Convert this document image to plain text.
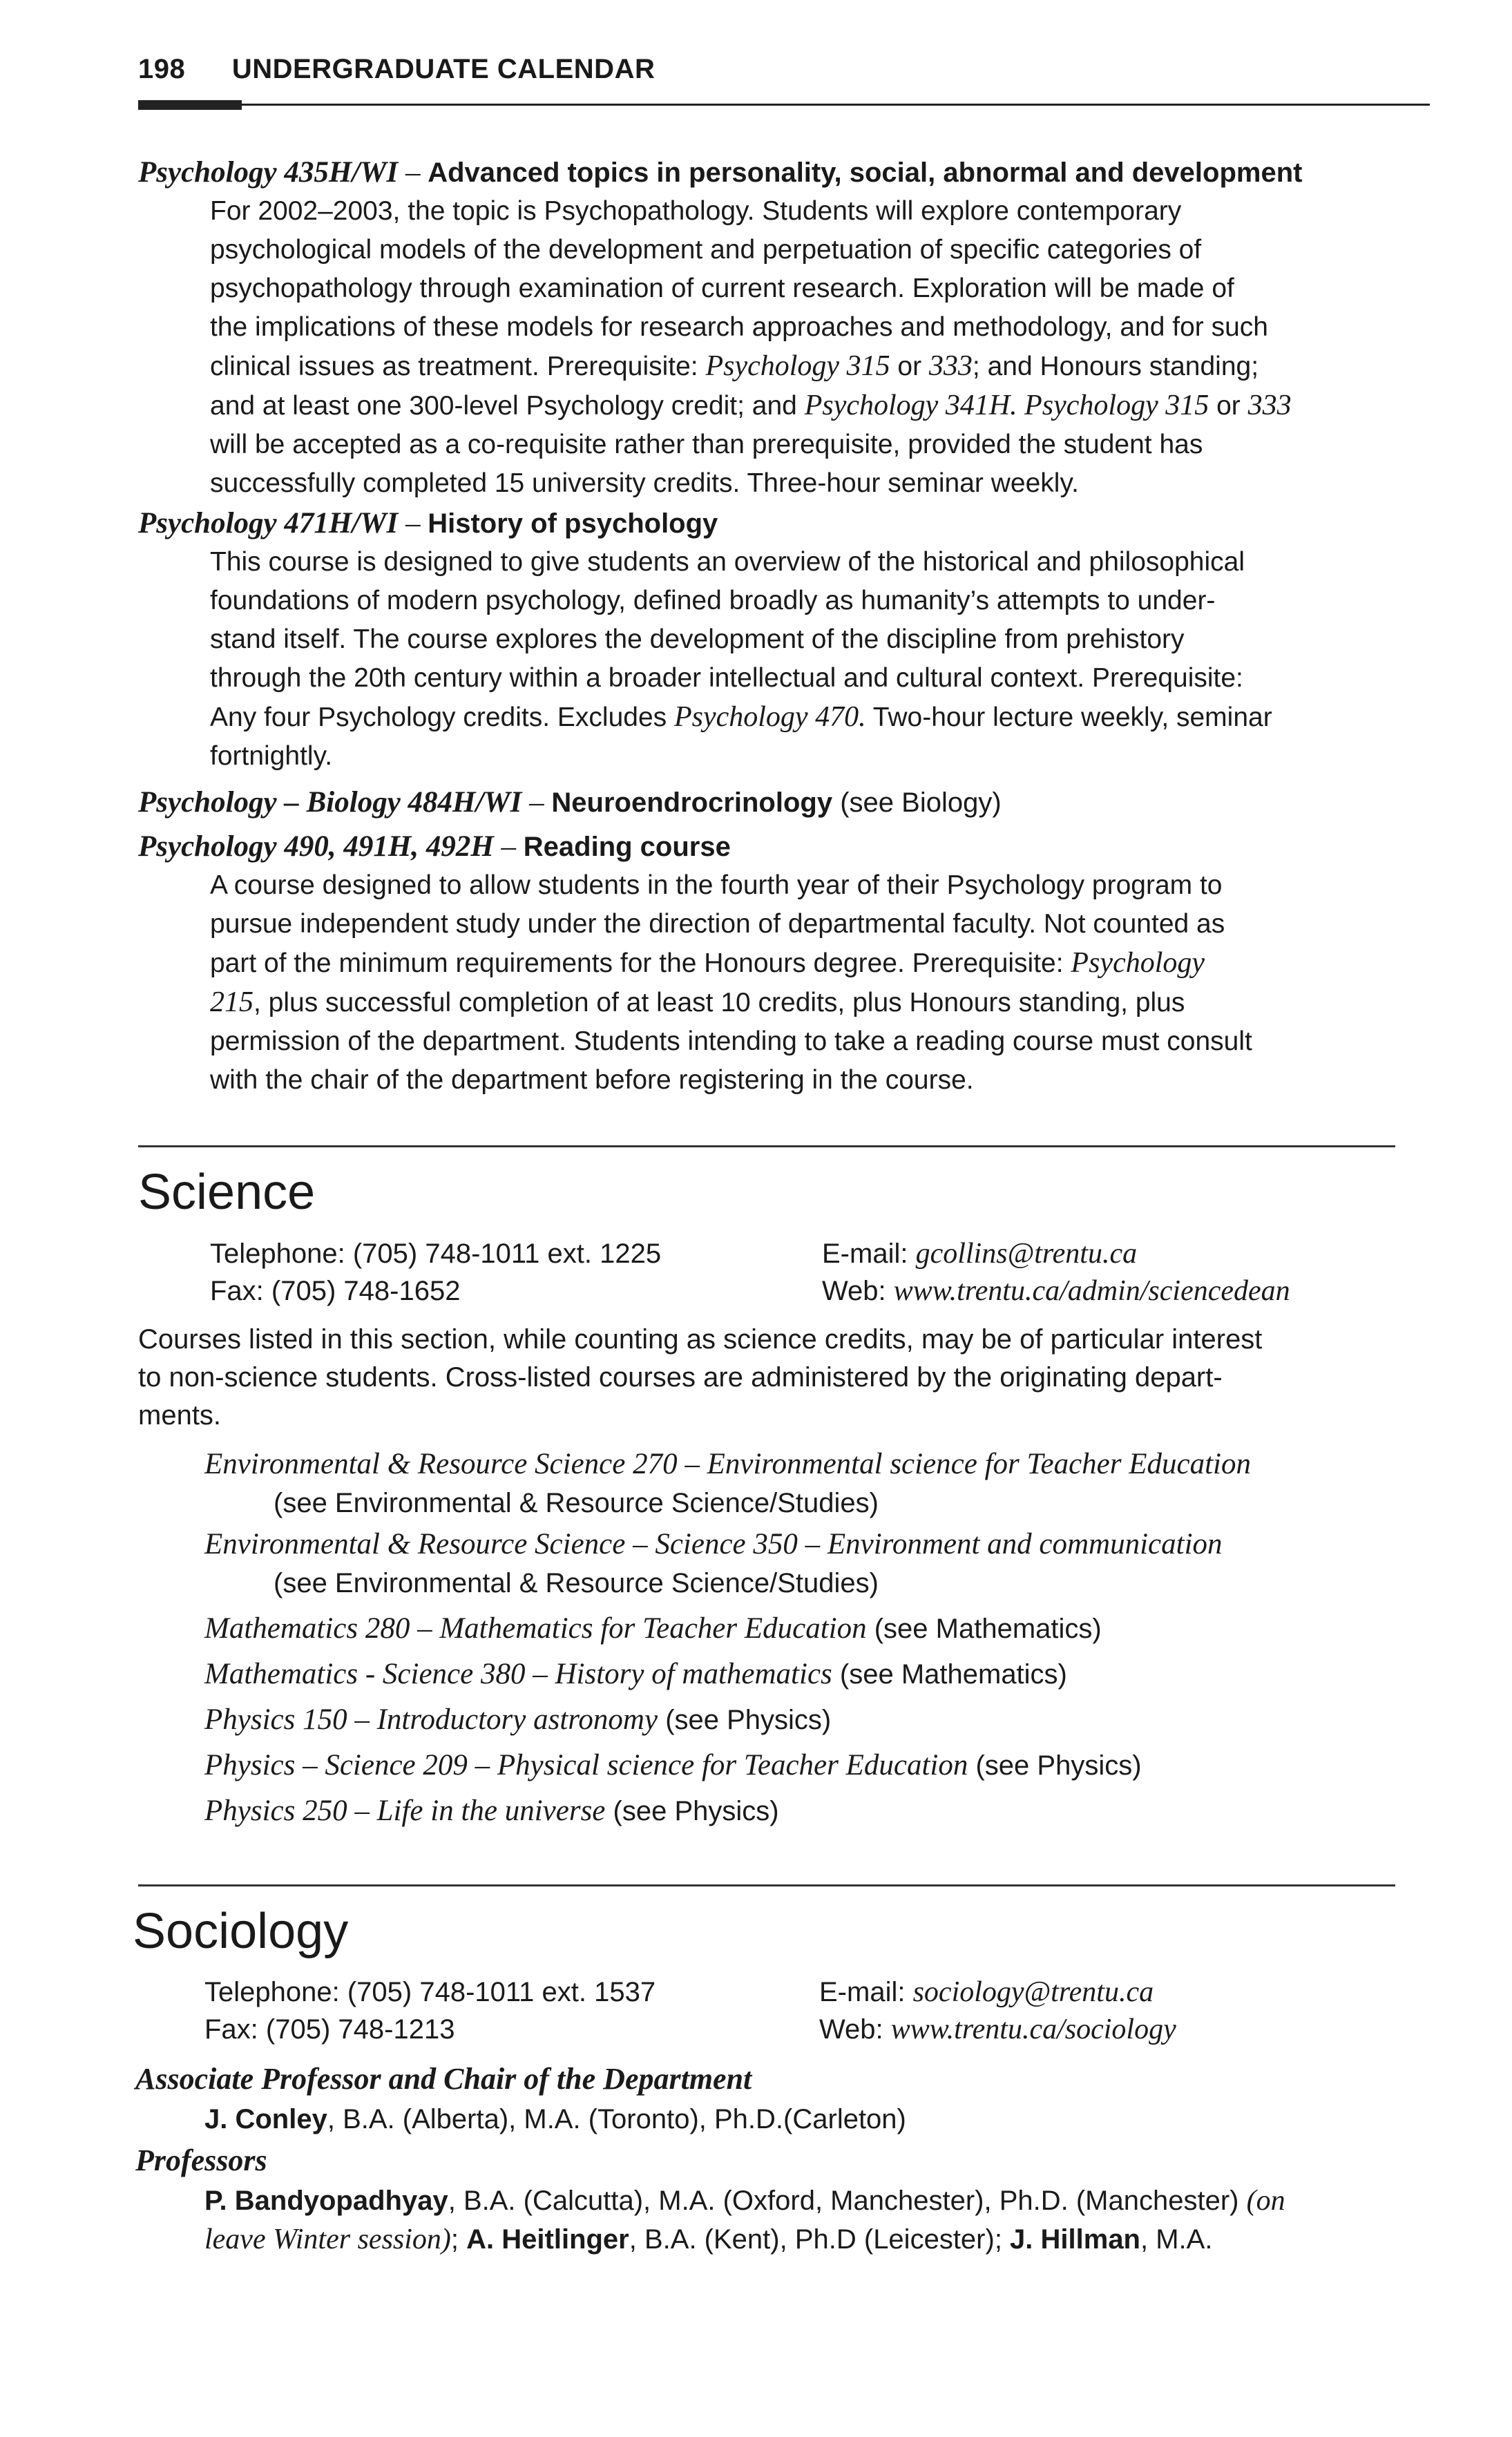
198 UNDERGRADUATE CALENDAR
Psychology 435H/WI – Advanced topics in personality, social, abnormal and development
For 2002–2003, the topic is Psychopathology. Students will explore contemporary
psychological models of the development and perpetuation of specific categories of
psychopathology through examination of current research. Exploration will be made of
the implications of these models for research approaches and methodology, and for such
clinical issues as treatment. Prerequisite: Psychology 315 or 333; and Honours standing;
and at least one 300-level Psychology credit; and Psychology 341H. Psychology 315 or 333
will be accepted as a co-requisite rather than prerequisite, provided the student has
successfully completed 15 university credits. Three-hour seminar weekly.
Psychology 471H/WI – History of psychology
This course is designed to give students an overview of the historical and philosophical
foundations of modern psychology, defined broadly as humanity’s attempts to under-
stand itself. The course explores the development of the discipline from prehistory
through the 20th century within a broader intellectual and cultural context. Prerequisite:
Any four Psychology credits. Excludes Psychology 470. Two-hour lecture weekly, seminar
fortnightly.
Psychology – Biology 484H/WI – Neuroendrocrinology (see Biology)
Psychology 490, 491H, 492H – Reading course
A course designed to allow students in the fourth year of their Psychology program to
pursue independent study under the direction of departmental faculty. Not counted as
part of the minimum requirements for the Honours degree. Prerequisite: Psychology
215, plus successful completion of at least 10 credits, plus Honours standing, plus
permission of the department. Students intending to take a reading course must consult
with the chair of the department before registering in the course.
Science
Telephone: (705) 748-1011 ext. 1225
Fax: (705) 748-1652
E-mail: gcollins@trentu.ca
Web: www.trentu.ca/admin/sciencedean
Courses listed in this section, while counting as science credits, may be of particular interest
to non-science students. Cross-listed courses are administered by the originating depart-
ments.
Environmental & Resource Science 270 – Environmental science for Teacher Education
(see Environmental & Resource Science/Studies)
Environmental & Resource Science – Science 350 – Environment and communication
(see Environmental & Resource Science/Studies)
Mathematics 280 – Mathematics for Teacher Education (see Mathematics)
Mathematics - Science 380 – History of mathematics (see Mathematics)
Physics 150 – Introductory astronomy (see Physics)
Physics – Science 209 – Physical science for Teacher Education (see Physics)
Physics 250 – Life in the universe (see Physics)
Sociology
Telephone: (705) 748-1011 ext. 1537
Fax: (705) 748-1213
E-mail: sociology@trentu.ca
Web: www.trentu.ca/sociology
Associate Professor and Chair of the Department
J. Conley, B.A. (Alberta), M.A. (Toronto), Ph.D.(Carleton)
Professors
P. Bandyopadhyay, B.A. (Calcutta), M.A. (Oxford, Manchester), Ph.D. (Manchester) (on
leave Winter session); A. Heitlinger, B.A. (Kent), Ph.D (Leicester); J. Hillman, M.A.
